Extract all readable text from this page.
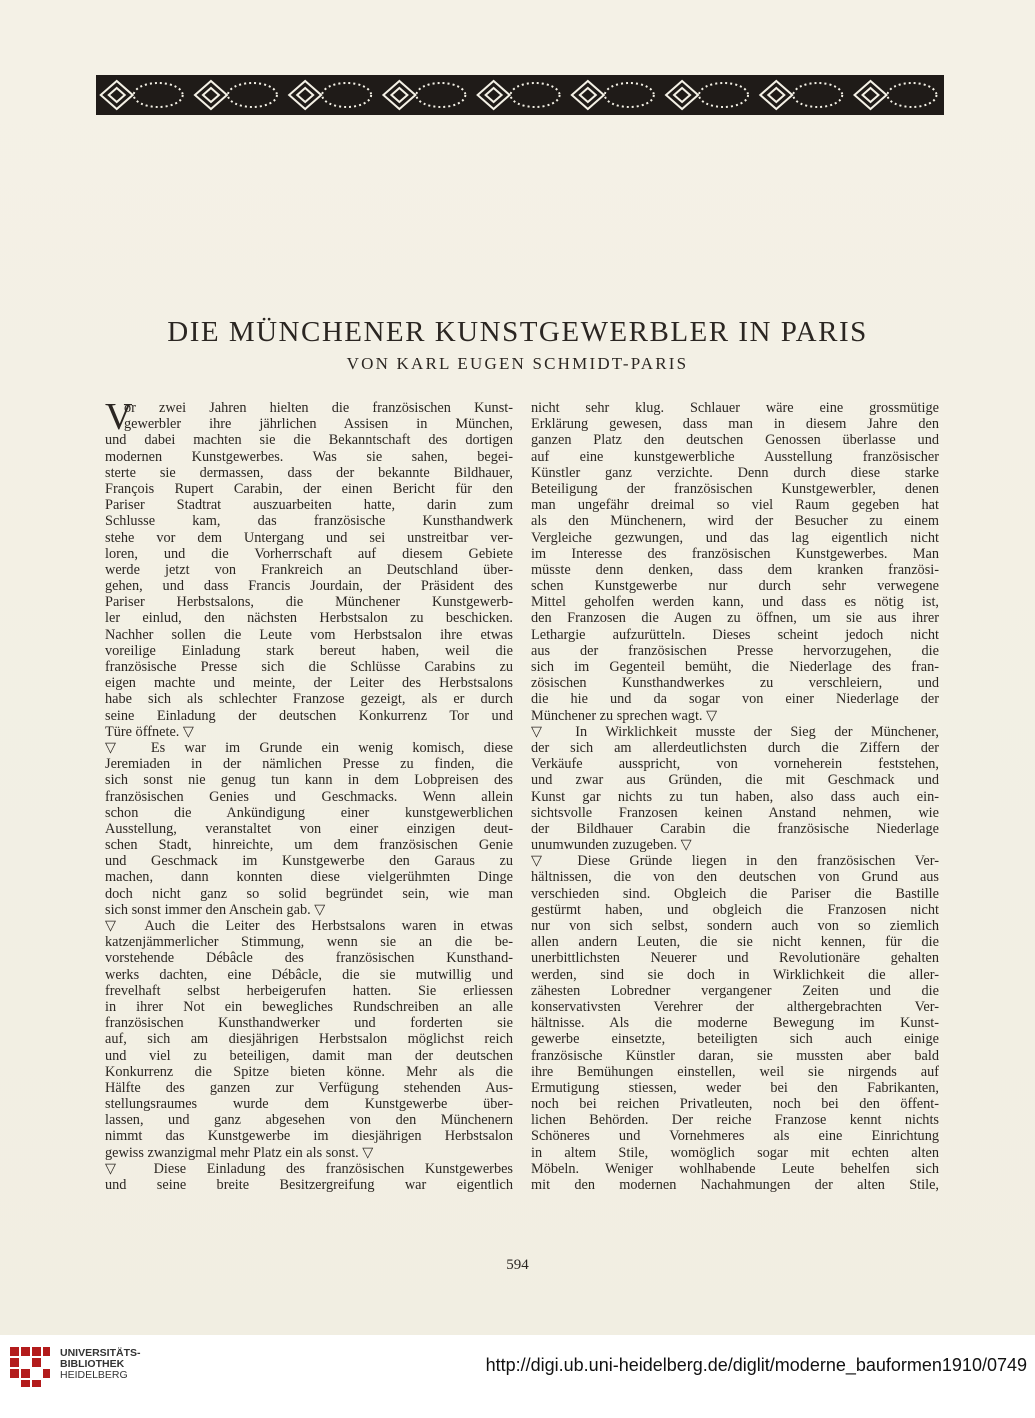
DIE MÜNCHENER KUNSTGEWERBLER IN PARIS
VON KARL EUGEN SCHMIDT-PARIS
V
or zwei Jahren hielten die französischen Kunst-
gewerbler ihre jährlichen Assisen in München,
und dabei machten sie die Bekanntschaft des dortigen
modernen Kunstgewerbes. Was sie sahen, begei-
sterte sie dermassen, dass der bekannte Bildhauer,
François Rupert Carabin, der einen Bericht für den
Pariser Stadtrat auszuarbeiten hatte, darin zum
Schlusse kam, das französische Kunsthandwerk
stehe vor dem Untergang und sei unstreitbar ver-
loren, und die Vorherrschaft auf diesem Gebiete
werde jetzt von Frankreich an Deutschland über-
gehen, und dass Francis Jourdain, der Präsident des
Pariser Herbstsalons, die Münchener Kunstgewerb-
ler einlud, den nächsten Herbstsalon zu beschicken.
Nachher sollen die Leute vom Herbstsalon ihre etwas
voreilige Einladung stark bereut haben, weil die
französische Presse sich die Schlüsse Carabins zu
eigen machte und meinte, der Leiter des Herbstsalons
habe sich als schlechter Franzose gezeigt, als er durch
seine Einladung der deutschen Konkurrenz Tor und
Türe öffnete. ▽
▽ Es war im Grunde ein wenig komisch, diese
Jeremiaden in der nämlichen Presse zu finden, die
sich sonst nie genug tun kann in dem Lobpreisen des
französischen Genies und Geschmacks. Wenn allein
schon die Ankündigung einer kunstgewerblichen
Ausstellung, veranstaltet von einer einzigen deut-
schen Stadt, hinreichte, um dem französischen Genie
und Geschmack im Kunstgewerbe den Garaus zu
machen, dann konnten diese vielgerühmten Dinge
doch nicht ganz so solid begründet sein, wie man
sich sonst immer den Anschein gab. ▽
▽ Auch die Leiter des Herbstsalons waren in etwas
katzenjämmerlicher Stimmung, wenn sie an die be-
vorstehende Débâcle des französischen Kunsthand-
werks dachten, eine Débâcle, die sie mutwillig und
frevelhaft selbst herbeigerufen hatten. Sie erliessen
in ihrer Not ein bewegliches Rundschreiben an alle
französischen Kunsthandwerker und forderten sie
auf, sich am diesjährigen Herbstsalon möglichst reich
und viel zu beteiligen, damit man der deutschen
Konkurrenz die Spitze bieten könne. Mehr als die
Hälfte des ganzen zur Verfügung stehenden Aus-
stellungsraumes wurde dem Kunstgewerbe über-
lassen, und ganz abgesehen von den Münchenern
nimmt das Kunstgewerbe im diesjährigen Herbstsalon
gewiss zwanzigmal mehr Platz ein als sonst. ▽
▽ Diese Einladung des französischen Kunstgewerbes
und seine breite Besitzergreifung war eigentlich
nicht sehr klug. Schlauer wäre eine grossmütige
Erklärung gewesen, dass man in diesem Jahre den
ganzen Platz den deutschen Genossen überlasse und
auf eine kunstgewerbliche Ausstellung französischer
Künstler ganz verzichte. Denn durch diese starke
Beteiligung der französischen Kunstgewerbler, denen
man ungefähr dreimal so viel Raum gegeben hat
als den Münchenern, wird der Besucher zu einem
Vergleiche gezwungen, und das lag eigentlich nicht
im Interesse des französischen Kunstgewerbes. Man
müsste denn denken, dass dem kranken französi-
schen Kunstgewerbe nur durch sehr verwegene
Mittel geholfen werden kann, und dass es nötig ist,
den Franzosen die Augen zu öffnen, um sie aus ihrer
Lethargie aufzurütteln. Dieses scheint jedoch nicht
aus der französischen Presse hervorzugehen, die
sich im Gegenteil bemüht, die Niederlage des fran-
zösischen Kunsthandwerkes zu verschleiern, und
die hie und da sogar von einer Niederlage der
Münchener zu sprechen wagt. ▽
▽ In Wirklichkeit musste der Sieg der Münchener,
der sich am allerdeutlichsten durch die Ziffern der
Verkäufe ausspricht, von vorneherein feststehen,
und zwar aus Gründen, die mit Geschmack und
Kunst gar nichts zu tun haben, also dass auch ein-
sichtsvolle Franzosen keinen Anstand nehmen, wie
der Bildhauer Carabin die französische Niederlage
unumwunden zuzugeben. ▽
▽ Diese Gründe liegen in den französischen Ver-
hältnissen, die von den deutschen von Grund aus
verschieden sind. Obgleich die Pariser die Bastille
gestürmt haben, und obgleich die Franzosen nicht
nur von sich selbst, sondern auch von so ziemlich
allen andern Leuten, die sie nicht kennen, für die
unerbittlichsten Neuerer und Revolutionäre gehalten
werden, sind sie doch in Wirklichkeit die aller-
zähesten Lobredner vergangener Zeiten und die
konservativsten Verehrer der althergebrachten Ver-
hältnisse. Als die moderne Bewegung im Kunst-
gewerbe einsetzte, beteiligten sich auch einige
französische Künstler daran, sie mussten aber bald
ihre Bemühungen einstellen, weil sie nirgends auf
Ermutigung stiessen, weder bei den Fabrikanten,
noch bei reichen Privatleuten, noch bei den öffent-
lichen Behörden. Der reiche Franzose kennt nichts
Schöneres und Vornehmeres als eine Einrichtung
in altem Stile, womöglich sogar mit echten alten
Möbeln. Weniger wohlhabende Leute behelfen sich
mit den modernen Nachahmungen der alten Stile,
594
UNIVERSITÄTS-
BIBLIOTHEK
HEIDELBERG	http://digi.ub.uni-heidelberg.de/diglit/moderne_bauformen1910/0749
